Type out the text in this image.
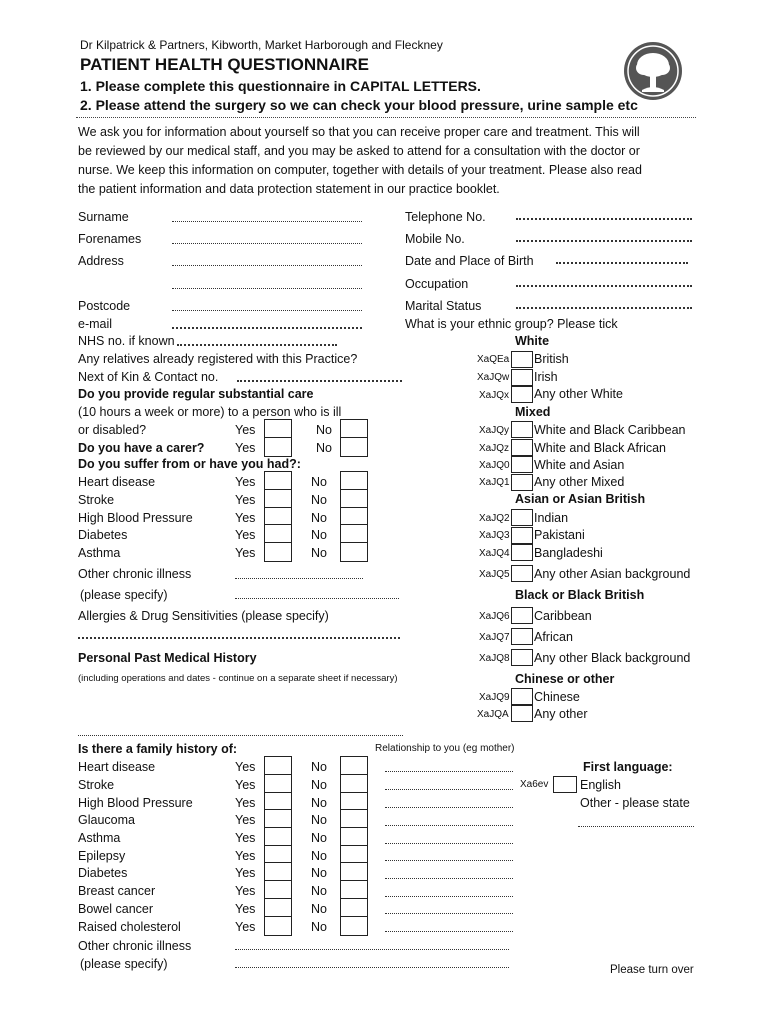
Dr Kilpatrick & Partners, Kibworth, Market Harborough and Fleckney
PATIENT HEALTH QUESTIONNAIRE
1. Please complete this questionnaire in CAPITAL LETTERS.
2. Please attend the surgery so we can check your blood pressure, urine sample etc
We ask you for information about yourself so that you can receive proper care and treatment. This will
be reviewed by our medical staff, and you may be asked to attend for a consultation with the doctor or
nurse. We keep this information on computer, together with details of your treatment. Please also read
the patient information and data protection statement in our practice booklet.
Surname
Forenames
Address
Postcode
e-mail
NHS no. if known
Any relatives already registered with this Practice?
Next of Kin & Contact no.
Telephone No.
Mobile No.
Date and Place of Birth
Occupation
Marital Status
What is your ethnic group? Please tick
Do you provide regular substantial care
(10 hours a week or more) to a person who is ill
or disabled?	Yes	No
Do you have a carer? Yes	No
Do you suffer from or have you had?:
Heart disease	Yes	No
Stroke	Yes	No
High Blood Pressure	Yes	No
Diabetes	Yes	No
Asthma	Yes	No
Other chronic illness
(please specify)
Allergies & Drug Sensitivities (please specify)
Personal Past Medical History
(including operations and dates - continue on a separate sheet if necessary)
White
Mixed
Asian or Asian British
Black or Black British
Chinese or other
XaQEa British
XaJQw Irish
XaJQx Any other White
XaJQy White and Black Caribbean
XaJQz White and Black African
XaJQ0 White and Asian
XaJQ1 Any other Mixed
XaJQ2 Indian
XaJQ3 Pakistani
XaJQ4 Bangladeshi
XaJQ5 Any other Asian background
XaJQ6 Caribbean
XaJQ7 African
XaJQ8 Any other Black background
XaJQ9 Chinese
XaJQA Any other
Is there a family history of:	Relationship to you (eg mother)
Heart disease	Yes	No
Stroke	Yes	No
High Blood Pressure	Yes	No
Glaucoma	Yes	No
Asthma	Yes	No
Epilepsy	Yes	No
Diabetes	Yes	No
Breast cancer	Yes	No
Bowel cancer	Yes	No
Raised cholesterol	Yes	No
Other chronic illness
(please specify)
First language:
Xa6ev	English
Other - please state
Please turn over
